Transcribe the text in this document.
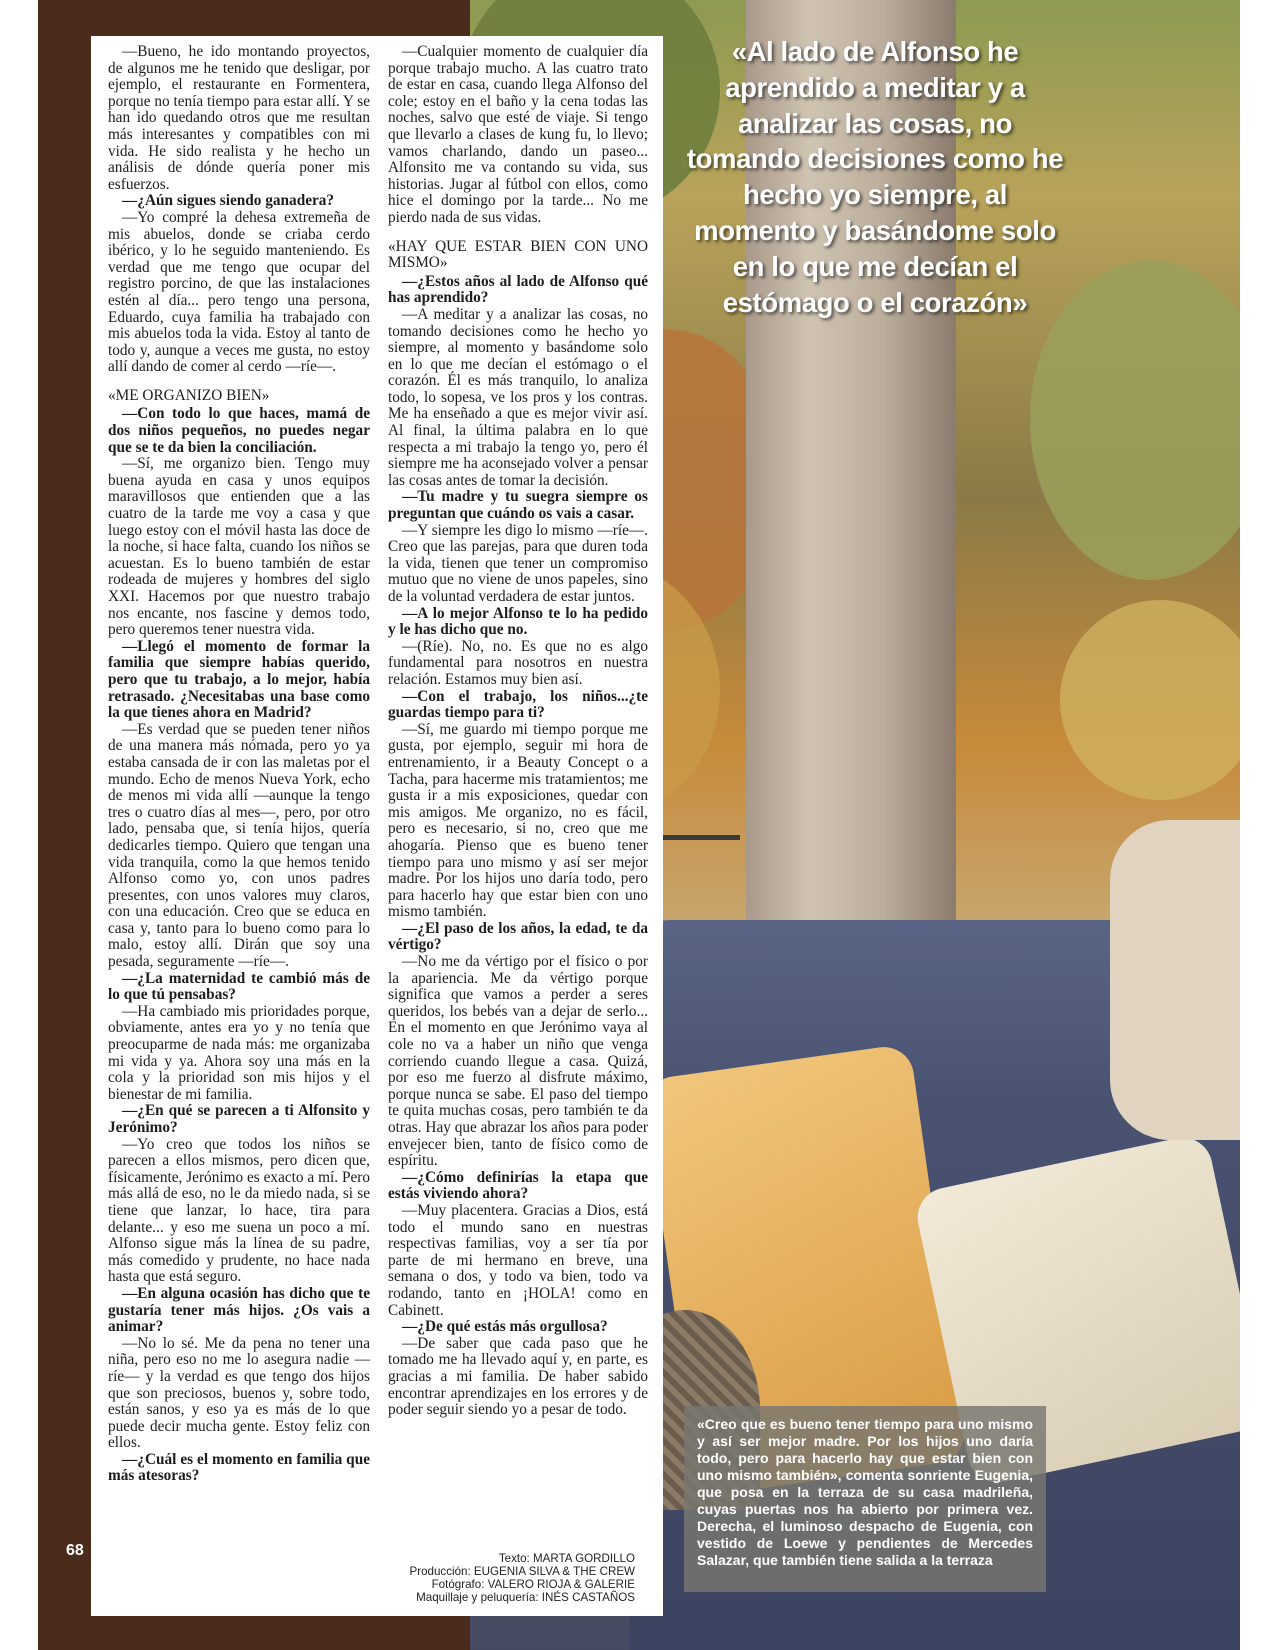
—Bueno, he ido montando proyectos, de algunos me he tenido que desligar, por ejemplo, el restaurante en Formentera, porque no tenía tiempo para estar allí. Y se han ido quedando otros que me resultan más interesantes y compatibles con mi vida. He sido realista y he hecho un análisis de dónde quería poner mis esfuerzos.

—¿Aún sigues siendo ganadera?

—Yo compré la dehesa extremeña de mis abuelos, donde se criaba cerdo ibérico, y lo he seguido manteniendo. Es verdad que me tengo que ocupar del registro porcino, de que las instalaciones estén al día... pero tengo una persona, Eduardo, cuya familia ha trabajado con mis abuelos toda la vida. Estoy al tanto de todo y, aunque a veces me gusta, no estoy allí dando de comer al cerdo —ríe—.

«ME ORGANIZO BIEN»

—Con todo lo que haces, mamá de dos niños pequeños, no puedes negar que se te da bien la conciliación.

—Sí, me organizo bien. Tengo muy buena ayuda en casa y unos equipos maravillosos que entienden que a las cuatro de la tarde me voy a casa y que luego estoy con el móvil hasta las doce de la noche, si hace falta, cuando los niños se acuestan. Es lo bueno también de estar rodeada de mujeres y hombres del siglo XXI. Hacemos por que nuestro trabajo nos encante, nos fascine y demos todo, pero queremos tener nuestra vida.

—Llegó el momento de formar la familia que siempre habías querido, pero que tu trabajo, a lo mejor, había retrasado. ¿Necesitabas una base como la que tienes ahora en Madrid?

—Es verdad que se pueden tener niños de una manera más nómada, pero yo ya estaba cansada de ir con las maletas por el mundo. Echo de menos Nueva York, echo de menos mi vida allí —aunque la tengo tres o cuatro días al mes—, pero, por otro lado, pensaba que, si tenía hijos, quería dedicarles tiempo. Quiero que tengan una vida tranquila, como la que hemos tenido Alfonso como yo, con unos padres presentes, con unos valores muy claros, con una educación. Creo que se educa en casa y, tanto para lo bueno como para lo malo, estoy allí. Dirán que soy una pesada, seguramente —ríe—.

—¿La maternidad te cambió más de lo que tú pensabas?

—Ha cambiado mis prioridades porque, obviamente, antes era yo y no tenía que preocuparme de nada más: me organizaba mi vida y ya. Ahora soy una más en la cola y la prioridad son mis hijos y el bienestar de mi familia.

—¿En qué se parecen a ti Alfonsito y Jerónimo?

—Yo creo que todos los niños se parecen a ellos mismos, pero dicen que, físicamente, Jerónimo es exacto a mí. Pero más allá de eso, no le da miedo nada, si se tiene que lanzar, lo hace, tira para delante... y eso me suena un poco a mí. Alfonso sigue más la línea de su padre, más comedido y prudente, no hace nada hasta que está seguro.

—En alguna ocasión has dicho que te gustaría tener más hijos. ¿Os vais a animar?

—No lo sé. Me da pena no tener una niña, pero eso no me lo asegura nadie —ríe— y la verdad es que tengo dos hijos que son preciosos, buenos y, sobre todo, están sanos, y eso ya es más de lo que puede decir mucha gente. Estoy feliz con ellos.

—¿Cuál es el momento en familia que más atesoras?

—Cualquier momento de cualquier día porque trabajo mucho. A las cuatro trato de estar en casa, cuando llega Alfonso del cole; estoy en el baño y la cena todas las noches, salvo que esté de viaje. Si tengo que llevarlo a clases de kung fu, lo llevo; vamos charlando, dando un paseo... Alfonsito me va contando su vida, sus historias. Jugar al fútbol con ellos, como hice el domingo por la tarde... No me pierdo nada de sus vidas.

«HAY QUE ESTAR BIEN CON UNO MISMO»

—¿Estos años al lado de Alfonso qué has aprendido?

—A meditar y a analizar las cosas, no tomando decisiones como he hecho yo siempre, al momento y basándome solo en lo que me decían el estómago o el corazón. Él es más tranquilo, lo analiza todo, lo sopesa, ve los pros y los contras. Me ha enseñado a que es mejor vivir así. Al final, la última palabra en lo que respecta a mi trabajo la tengo yo, pero él siempre me ha aconsejado volver a pensar las cosas antes de tomar la decisión.

—Tu madre y tu suegra siempre os preguntan que cuándo os vais a casar.

—Y siempre les digo lo mismo —ríe—. Creo que las parejas, para que duren toda la vida, tienen que tener un compromiso mutuo que no viene de unos papeles, sino de la voluntad verdadera de estar juntos.

—A lo mejor Alfonso te lo ha pedido y le has dicho que no.

—(Ríe). No, no. Es que no es algo fundamental para nosotros en nuestra relación. Estamos muy bien así.

—Con el trabajo, los niños...¿te guardas tiempo para ti?

—Sí, me guardo mi tiempo porque me gusta, por ejemplo, seguir mi hora de entrenamiento, ir a Beauty Concept o a Tacha, para hacerme mis tratamientos; me gusta ir a mis exposiciones, quedar con mis amigos. Me organizo, no es fácil, pero es necesario, si no, creo que me ahogaría. Pienso que es bueno tener tiempo para uno mismo y así ser mejor madre. Por los hijos uno daría todo, pero para hacerlo hay que estar bien con uno mismo también.

—¿El paso de los años, la edad, te da vértigo?

—No me da vértigo por el físico o por la apariencia. Me da vértigo porque significa que vamos a perder a seres queridos, los bebés van a dejar de serlo... En el momento en que Jerónimo vaya al cole no va a haber un niño que venga corriendo cuando llegue a casa. Quizá, por eso me fuerzo al disfrute máximo, porque nunca se sabe. El paso del tiempo te quita muchas cosas, pero también te da otras. Hay que abrazar los años para poder envejecer bien, tanto de físico como de espíritu.

—¿Cómo definirías la etapa que estás viviendo ahora?

—Muy placentera. Gracias a Dios, está todo el mundo sano en nuestras respectivas familias, voy a ser tía por parte de mi hermano en breve, una semana o dos, y todo va bien, todo va rodando, tanto en ¡HOLA! como en Cabinett.

—¿De qué estás más orgullosa?

—De saber que cada paso que he tomado me ha llevado aquí y, en parte, es gracias a mi familia. De haber sabido encontrar aprendizajes en los errores y de poder seguir siendo yo a pesar de todo.

Texto: MARTA GORDILLO
Producción: EUGENIA SILVA & THE CREW
Fotógrafo: VALERO RIOJA & GALERIE
Maquillaje y peluquería: INÉS CASTAÑOS
«Al lado de Alfonso he aprendido a meditar y a analizar las cosas, no tomando decisiones como he hecho yo siempre, al momento y basándome solo en lo que me decían el estómago o el corazón»
«Creo que es bueno tener tiempo para uno mismo y así ser mejor madre. Por los hijos uno daría todo, pero para hacerlo hay que estar bien con uno mismo también», comenta sonriente Eugenia, que posa en la terraza de su casa madrileña, cuyas puertas nos ha abierto por primera vez. Derecha, el luminoso despacho de Eugenia, con vestido de Loewe y pendientes de Mercedes Salazar, que también tiene salida a la terraza
68
